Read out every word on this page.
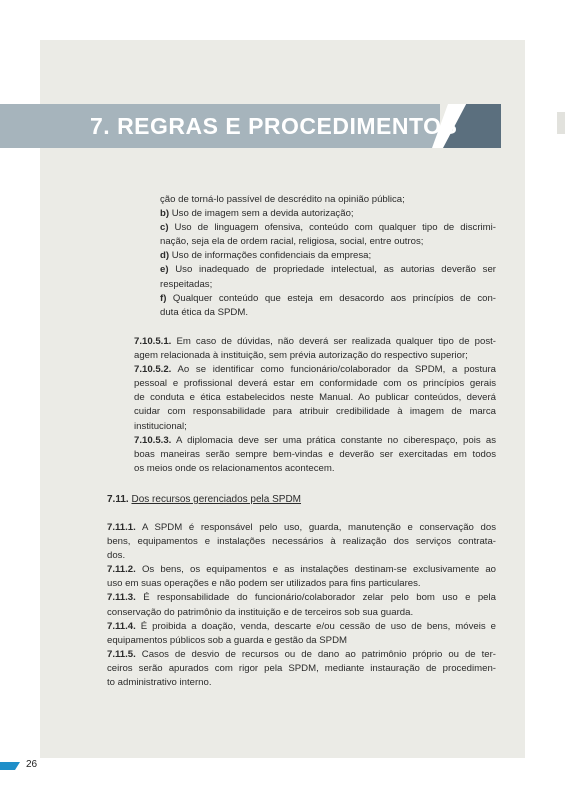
7. REGRAS E PROCEDIMENTOS
ção de torná-lo passível de descrédito na opinião pública;
b) Uso de imagem sem a devida autorização;
c) Uso de linguagem ofensiva, conteúdo com qualquer tipo de discrimi-
nação, seja ela de ordem racial, religiosa, social, entre outros;
d) Uso de informações confidenciais da empresa;
e) Uso inadequado de propriedade intelectual, as autorias deverão ser
respeitadas;
f) Qualquer conteúdo que esteja em desacordo aos princípios de con-
duta ética da SPDM.
7.10.5.1. Em caso de dúvidas, não deverá ser realizada qualquer tipo de post-
agem relacionada à instituição, sem prévia autorização do respectivo superior;
7.10.5.2. Ao se identificar como funcionário/colaborador da SPDM, a postura
pessoal e profissional deverá estar em conformidade com os princípios gerais
de conduta e ética estabelecidos neste Manual. Ao publicar conteúdos, deverá
cuidar com responsabilidade para atribuir credibilidade à imagem de marca
institucional;
7.10.5.3. A diplomacia deve ser uma prática constante no ciberespaço, pois as
boas maneiras serão sempre bem-vindas e deverão ser exercitadas em todos
os meios onde os relacionamentos acontecem.
7.11. Dos recursos gerenciados pela SPDM
7.11.1. A SPDM é responsável pelo uso, guarda, manutenção e conservação dos
bens, equipamentos e instalações necessários à realização dos serviços contrata-
dos.
7.11.2. Os bens, os equipamentos e as instalações destinam-se exclusivamente ao
uso em suas operações e não podem ser utilizados para fins particulares.
7.11.3. É responsabilidade do funcionário/colaborador zelar pelo bom uso e pela
conservação do patrimônio da instituição e de terceiros sob sua guarda.
7.11.4. É proibida a doação, venda, descarte e/ou cessão de uso de bens, móveis e
equipamentos públicos sob a guarda e gestão da SPDM
7.11.5. Casos de desvio de recursos ou de dano ao patrimônio próprio ou de ter-
ceiros serão apurados com rigor pela SPDM, mediante instauração de procedimen-
to administrativo interno.
26
